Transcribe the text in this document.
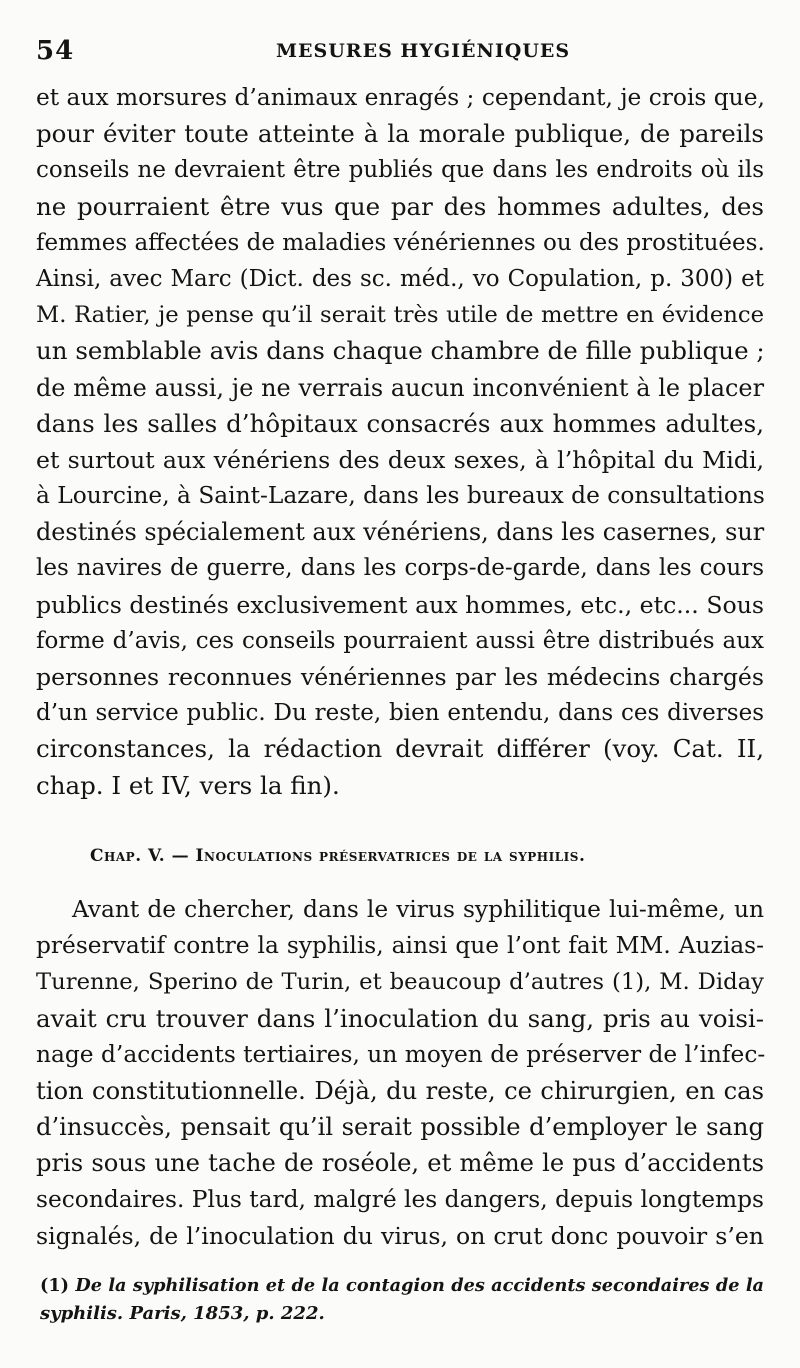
54	MESURES HYGIÉNIQUES
et aux morsures d’animaux enragés ; cependant, je crois que,
pour éviter toute atteinte à la morale publique, de pareils
conseils ne devraient être publiés que dans les endroits où ils
ne pourraient être vus que par des hommes adultes, des
femmes affectées de maladies vénériennes ou des prostituées.
Ainsi, avec Marc (Dict. des sc. méd., vo Copulation, p. 300) et
M. Ratier, je pense qu’il serait très utile de mettre en évidence
un semblable avis dans chaque chambre de fille publique ;
de même aussi, je ne verrais aucun inconvénient à le placer
dans les salles d’hôpitaux consacrés aux hommes adultes,
et surtout aux vénériens des deux sexes, à l’hôpital du Midi,
à Lourcine, à Saint-Lazare, dans les bureaux de consultations
destinés spécialement aux vénériens, dans les casernes, sur
les navires de guerre, dans les corps-de-garde, dans les cours
publics destinés exclusivement aux hommes, etc., etc... Sous
forme d’avis, ces conseils pourraient aussi être distribués aux
personnes reconnues vénériennes par les médecins chargés
d’un service public. Du reste, bien entendu, dans ces diverses
circonstances, la rédaction devrait différer (voy. Cat. II,
chap. I et IV, vers la fin).
Chap. V. — Inoculations préservatrices de la syphilis.
Avant de chercher, dans le virus syphilitique lui-même, un
préservatif contre la syphilis, ainsi que l’ont fait MM. Auzias-
Turenne, Sperino de Turin, et beaucoup d’autres (1), M. Diday
avait cru trouver dans l’inoculation du sang, pris au voisi-
nage d’accidents tertiaires, un moyen de préserver de l’infec-
tion constitutionnelle. Déjà, du reste, ce chirurgien, en cas
d’insuccès, pensait qu’il serait possible d’employer le sang
pris sous une tache de roséole, et même le pus d’accidents
secondaires. Plus tard, malgré les dangers, depuis longtemps
signalés, de l’inoculation du virus, on crut donc pouvoir s’en
(1) De la syphilisation et de la contagion des accidents secondaires de la
syphilis. Paris, 1853, p. 222.
